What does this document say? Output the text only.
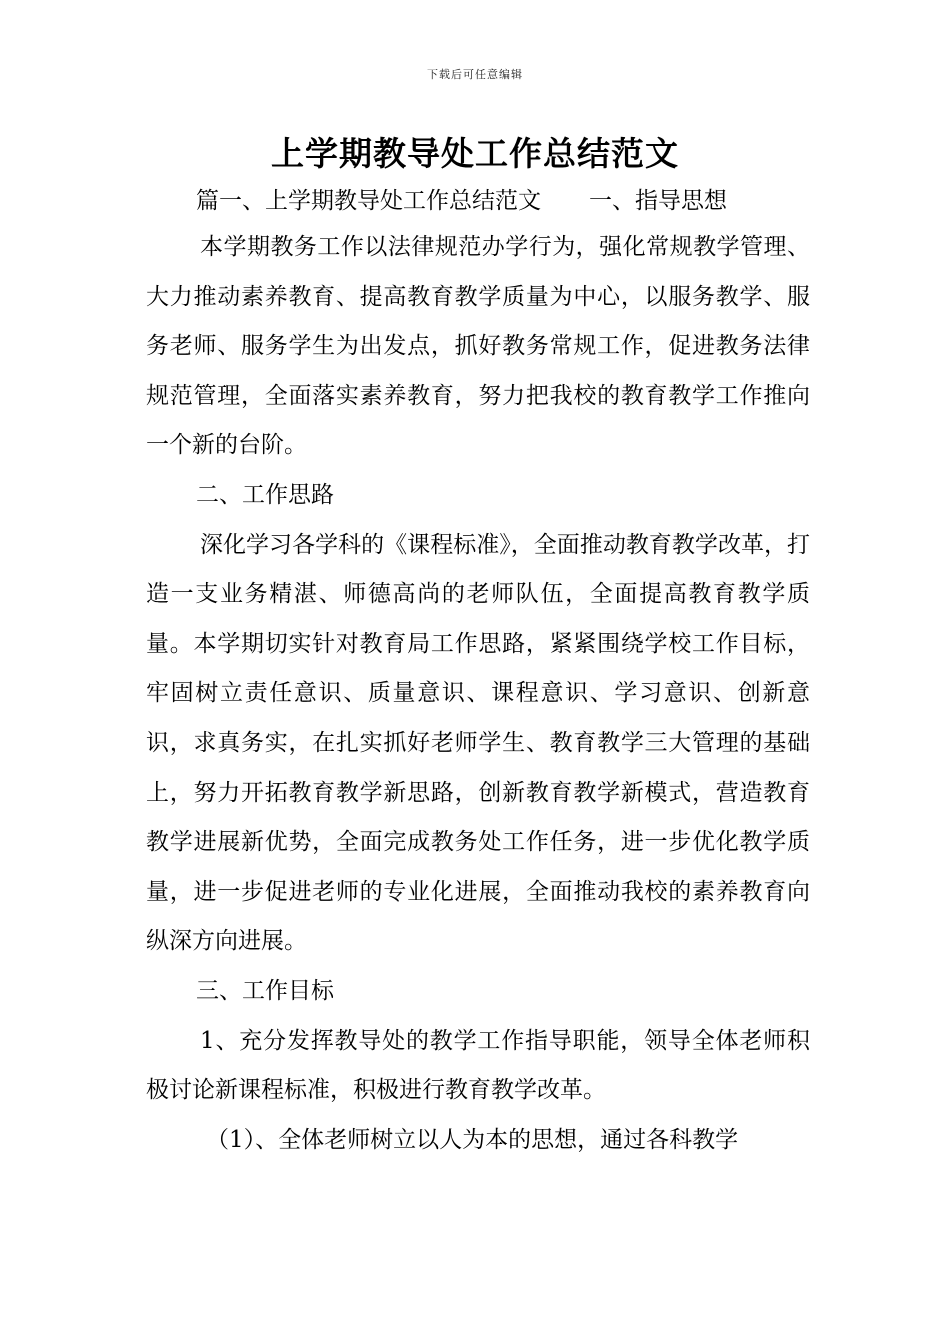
下载后可任意编辑
上学期教导处工作总结范文
篇一、上学期教导处工作总结范文 一、指导思想

本学期教务工作以法律规范办学行为，强化常规教学管理、大力推动素养教育、提高教育教学质量为中心，以服务教学、服务老师、服务学生为出发点，抓好教务常规工作，促进教务法律规范管理，全面落实素养教育，努力把我校的教育教学工作推向一个新的台阶。

二、工作思路

深化学习各学科的《课程标准》，全面推动教育教学改革，打造一支业务精湛、师德高尚的老师队伍，全面提高教育教学质量。本学期切实针对教育局工作思路，紧紧围绕学校工作目标，牢固树立责任意识、质量意识、课程意识、学习意识、创新意识，求真务实，在扎实抓好老师学生、教育教学三大管理的基础上，努力开拓教育教学新思路，创新教育教学新模式，营造教育教学进展新优势，全面完成教务处工作任务，进一步优化教学质量，进一步促进老师的专业化进展，全面推动我校的素养教育向纵深方向进展。

三、工作目标

1、充分发挥教导处的教学工作指导职能，领导全体老师积极讨论新课程标准，积极进行教育教学改革。

（1）、全体老师树立以人为本的思想，通过各科教学
